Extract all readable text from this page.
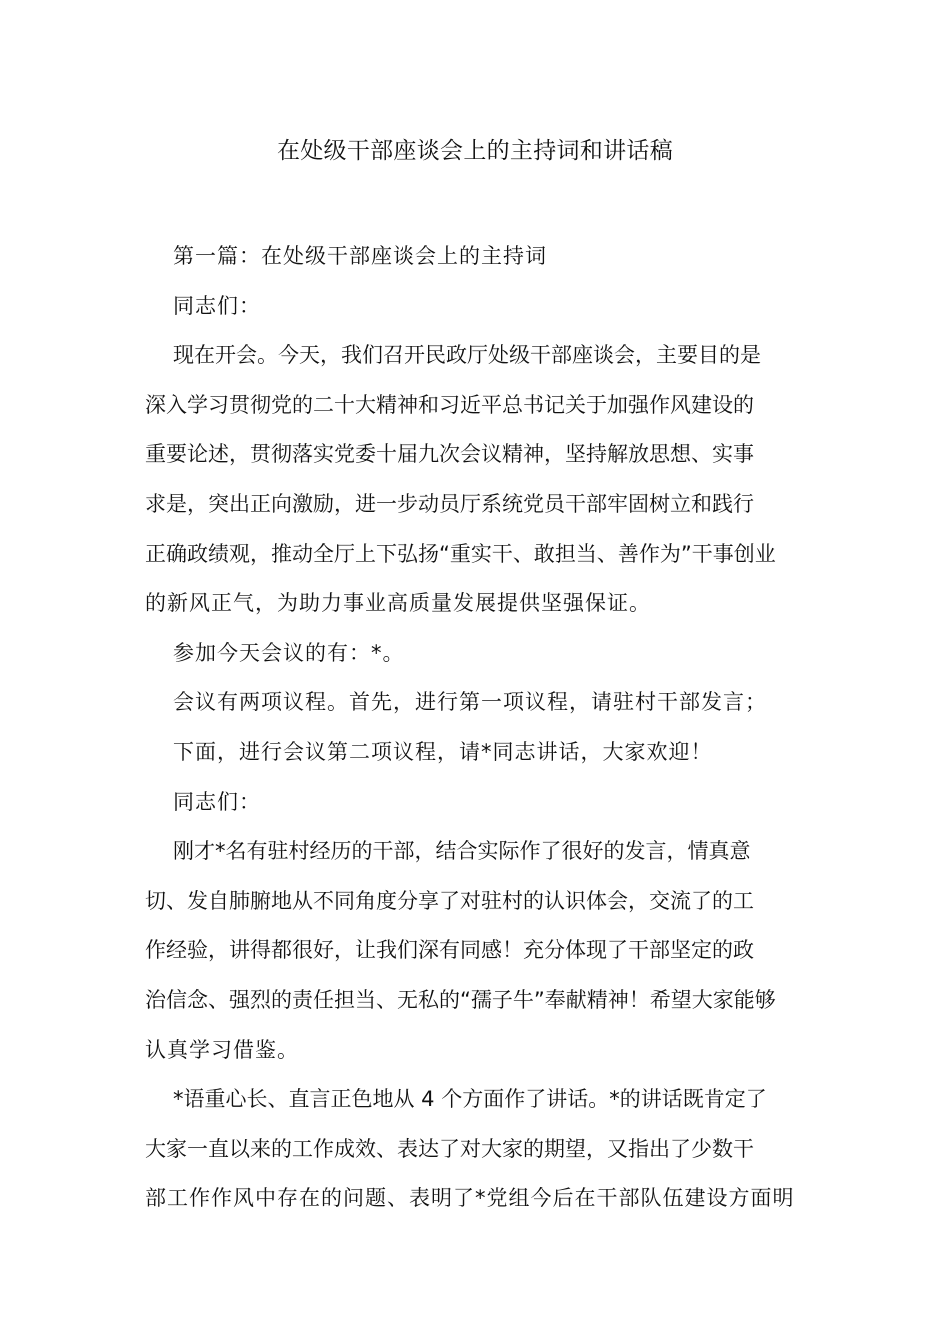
在处级干部座谈会上的主持词和讲话稿
第一篇：在处级干部座谈会上的主持词
同志们：
现在开会。今天，我们召开民政厅处级干部座谈会，主要目的是
深入学习贯彻党的二十大精神和习近平总书记关于加强作风建设的
重要论述，贯彻落实党委十届九次会议精神，坚持解放思想、实事
求是，突出正向激励，进一步动员厅系统党员干部牢固树立和践行
正确政绩观，推动全厅上下弘扬“重实干、敢担当、善作为”干事创业
的新风正气，为助力事业高质量发展提供坚强保证。
参加今天会议的有：*。
会议有两项议程。首先，进行第一项议程，请驻村干部发言；
下面，进行会议第二项议程，请*同志讲话，大家欢迎！
同志们：
刚才*名有驻村经历的干部，结合实际作了很好的发言，情真意
切、发自肺腑地从不同角度分享了对驻村的认识体会，交流了的工
作经验，讲得都很好，让我们深有同感！充分体现了干部坚定的政
治信念、强烈的责任担当、无私的“孺子牛”奉献精神！希望大家能够
认真学习借鉴。
*语重心长、直言正色地从 4 个方面作了讲话。*的讲话既肯定了
大家一直以来的工作成效、表达了对大家的期望，又指出了少数干
部工作作风中存在的问题、表明了*党组今后在干部队伍建设方面明
